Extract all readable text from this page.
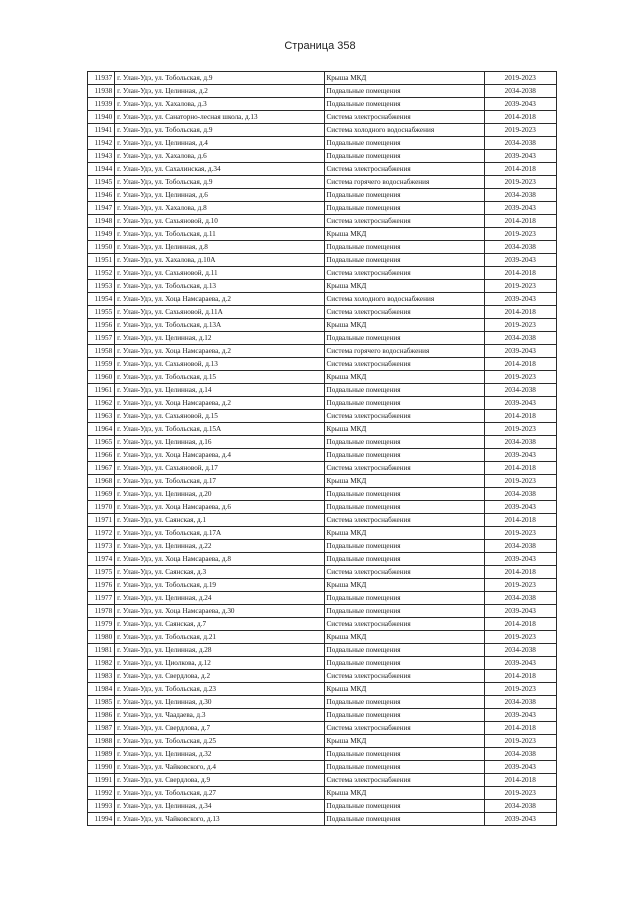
Страница 358
11937	г. Улан-Удэ, ул. Тобольская, д.9	Крыша МКД	2019-2023
11938	г. Улан-Удэ, ул. Целинная, д.2	Подвальные помещения	2034-2038
11939	г. Улан-Удэ, ул. Хахалова, д.3	Подвальные помещения	2039-2043
11940	г. Улан-Удэ, ул. Санаторно-лесная школа, д.13	Система электроснабжения	2014-2018
11941	г. Улан-Удэ, ул. Тобольская, д.9	Система холодного водоснабжения	2019-2023
11942	г. Улан-Удэ, ул. Целинная, д.4	Подвальные помещения	2034-2038
11943	г. Улан-Удэ, ул. Хахалова, д.6	Подвальные помещения	2039-2043
11944	г. Улан-Удэ, ул. Сахалинская, д.34	Система электроснабжения	2014-2018
11945	г. Улан-Удэ, ул. Тобольская, д.9	Система горячего водоснабжения	2019-2023
11946	г. Улан-Удэ, ул. Целинная, д.6	Подвальные помещения	2034-2038
11947	г. Улан-Удэ, ул. Хахалова, д.8	Подвальные помещения	2039-2043
11948	г. Улан-Удэ, ул. Сахьяновой, д.10	Система электроснабжения	2014-2018
11949	г. Улан-Удэ, ул. Тобольская, д.11	Крыша МКД	2019-2023
11950	г. Улан-Удэ, ул. Целинная, д.8	Подвальные помещения	2034-2038
11951	г. Улан-Удэ, ул. Хахалова, д.10А	Подвальные помещения	2039-2043
11952	г. Улан-Удэ, ул. Сахьяновой, д.11	Система электроснабжения	2014-2018
11953	г. Улан-Удэ, ул. Тобольская, д.13	Крыша МКД	2019-2023
11954	г. Улан-Удэ, ул. Хоца Намсараева, д.2	Система холодного водоснабжения	2039-2043
11955	г. Улан-Удэ, ул. Сахьяновой, д.11А	Система электроснабжения	2014-2018
11956	г. Улан-Удэ, ул. Тобольская, д.13А	Крыша МКД	2019-2023
11957	г. Улан-Удэ, ул. Целинная, д.12	Подвальные помещения	2034-2038
11958	г. Улан-Удэ, ул. Хоца Намсараева, д.2	Система горячего водоснабжения	2039-2043
11959	г. Улан-Удэ, ул. Сахьяновой, д.13	Система электроснабжения	2014-2018
11960	г. Улан-Удэ, ул. Тобольская, д.15	Крыша МКД	2019-2023
11961	г. Улан-Удэ, ул. Целинная, д.14	Подвальные помещения	2034-2038
11962	г. Улан-Удэ, ул. Хоца Намсараева, д.2	Подвальные помещения	2039-2043
11963	г. Улан-Удэ, ул. Сахьяновой, д.15	Система электроснабжения	2014-2018
11964	г. Улан-Удэ, ул. Тобольская, д.15А	Крыша МКД	2019-2023
11965	г. Улан-Удэ, ул. Целинная, д.16	Подвальные помещения	2034-2038
11966	г. Улан-Удэ, ул. Хоца Намсараева, д.4	Подвальные помещения	2039-2043
11967	г. Улан-Удэ, ул. Сахьяновой, д.17	Система электроснабжения	2014-2018
11968	г. Улан-Удэ, ул. Тобольская, д.17	Крыша МКД	2019-2023
11969	г. Улан-Удэ, ул. Целинная, д.20	Подвальные помещения	2034-2038
11970	г. Улан-Удэ, ул. Хоца Намсараева, д.6	Подвальные помещения	2039-2043
11971	г. Улан-Удэ, ул. Саянская, д.1	Система электроснабжения	2014-2018
11972	г. Улан-Удэ, ул. Тобольская, д.17А	Крыша МКД	2019-2023
11973	г. Улан-Удэ, ул. Целинная, д.22	Подвальные помещения	2034-2038
11974	г. Улан-Удэ, ул. Хоца Намсараева, д.8	Подвальные помещения	2039-2043
11975	г. Улан-Удэ, ул. Саянская, д.3	Система электроснабжения	2014-2018
11976	г. Улан-Удэ, ул. Тобольская, д.19	Крыша МКД	2019-2023
11977	г. Улан-Удэ, ул. Целинная, д.24	Подвальные помещения	2034-2038
11978	г. Улан-Удэ, ул. Хоца Намсараева, д.30	Подвальные помещения	2039-2043
11979	г. Улан-Удэ, ул. Саянская, д.7	Система электроснабжения	2014-2018
11980	г. Улан-Удэ, ул. Тобольская, д.21	Крыша МКД	2019-2023
11981	г. Улан-Удэ, ул. Целинная, д.28	Подвальные помещения	2034-2038
11982	г. Улан-Удэ, ул. Циолкова, д.12	Подвальные помещения	2039-2043
11983	г. Улан-Удэ, ул. Свердлова, д.2	Система электроснабжения	2014-2018
11984	г. Улан-Удэ, ул. Тобольская, д.23	Крыша МКД	2019-2023
11985	г. Улан-Удэ, ул. Целинная, д.30	Подвальные помещения	2034-2038
11986	г. Улан-Удэ, ул. Чаадаева, д.3	Подвальные помещения	2039-2043
11987	г. Улан-Удэ, ул. Свердлова, д.7	Система электроснабжения	2014-2018
11988	г. Улан-Удэ, ул. Тобольская, д.25	Крыша МКД	2019-2023
11989	г. Улан-Удэ, ул. Целинная, д.32	Подвальные помещения	2034-2038
11990	г. Улан-Удэ, ул. Чайковского, д.4	Подвальные помещения	2039-2043
11991	г. Улан-Удэ, ул. Свердлова, д.9	Система электроснабжения	2014-2018
11992	г. Улан-Удэ, ул. Тобольская, д.27	Крыша МКД	2019-2023
11993	г. Улан-Удэ, ул. Целинная, д.34	Подвальные помещения	2034-2038
11994	г. Улан-Удэ, ул. Чайковского, д.13	Подвальные помещения	2039-2043
